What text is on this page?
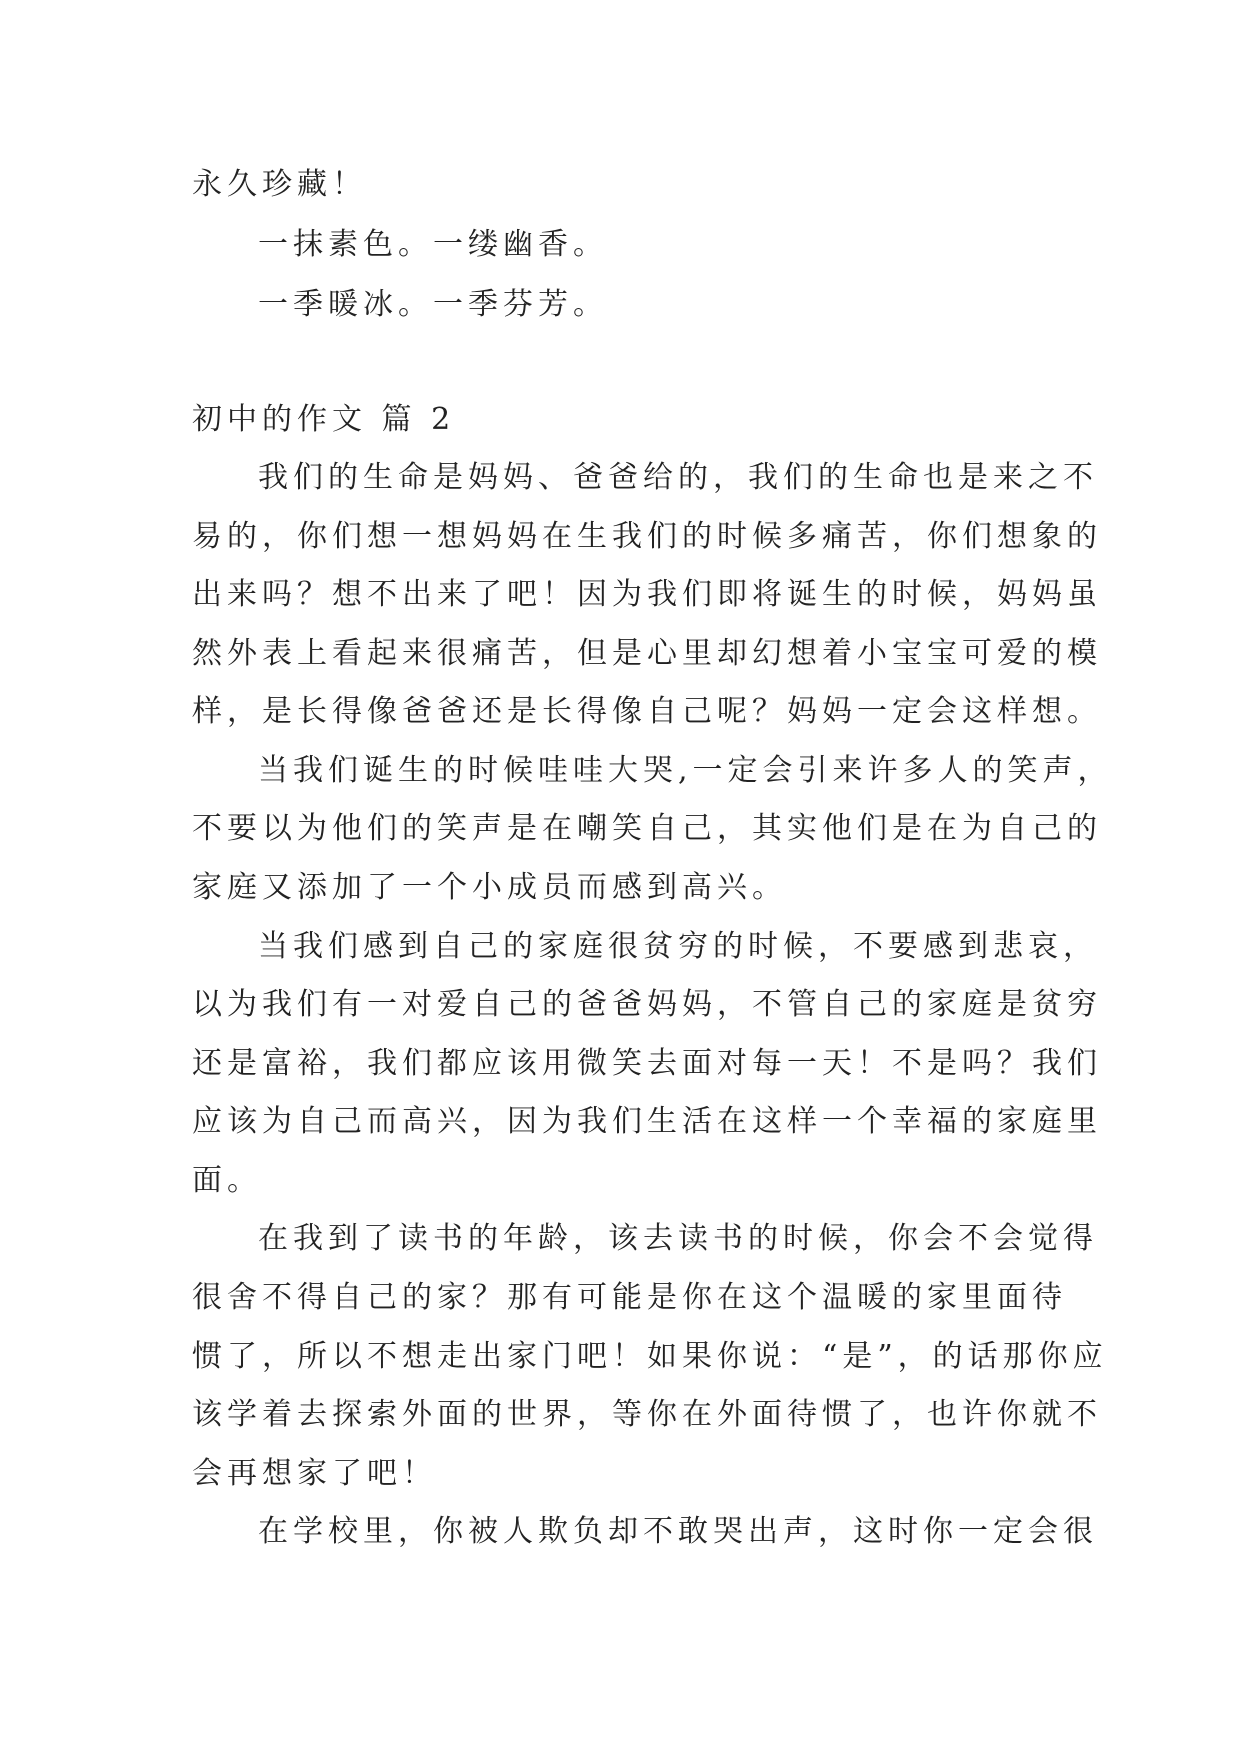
永久珍藏！
一抹素色。一缕幽香。
一季暖冰。一季芬芳。
初中的作文 篇 2
我们的生命是妈妈、爸爸给的，我们的生命也是来之不
易的，你们想一想妈妈在生我们的时候多痛苦，你们想象的
出来吗？想不出来了吧！因为我们即将诞生的时候，妈妈虽
然外表上看起来很痛苦，但是心里却幻想着小宝宝可爱的模
样，是长得像爸爸还是长得像自己呢？妈妈一定会这样想。
当我们诞生的时候哇哇大哭,一定会引来许多人的笑声，
不要以为他们的笑声是在嘲笑自己，其实他们是在为自己的
家庭又添加了一个小成员而感到高兴。
当我们感到自己的家庭很贫穷的时候，不要感到悲哀，
以为我们有一对爱自己的爸爸妈妈，不管自己的家庭是贫穷
还是富裕，我们都应该用微笑去面对每一天！不是吗？我们
应该为自己而高兴，因为我们生活在这样一个幸福的家庭里
面。
在我到了读书的年龄，该去读书的时候，你会不会觉得
很舍不得自己的家？那有可能是你在这个温暖的家里面待
惯了，所以不想走出家门吧！如果你说：“是”，的话那你应
该学着去探索外面的世界，等你在外面待惯了，也许你就不
会再想家了吧！
在学校里，你被人欺负却不敢哭出声，这时你一定会很
